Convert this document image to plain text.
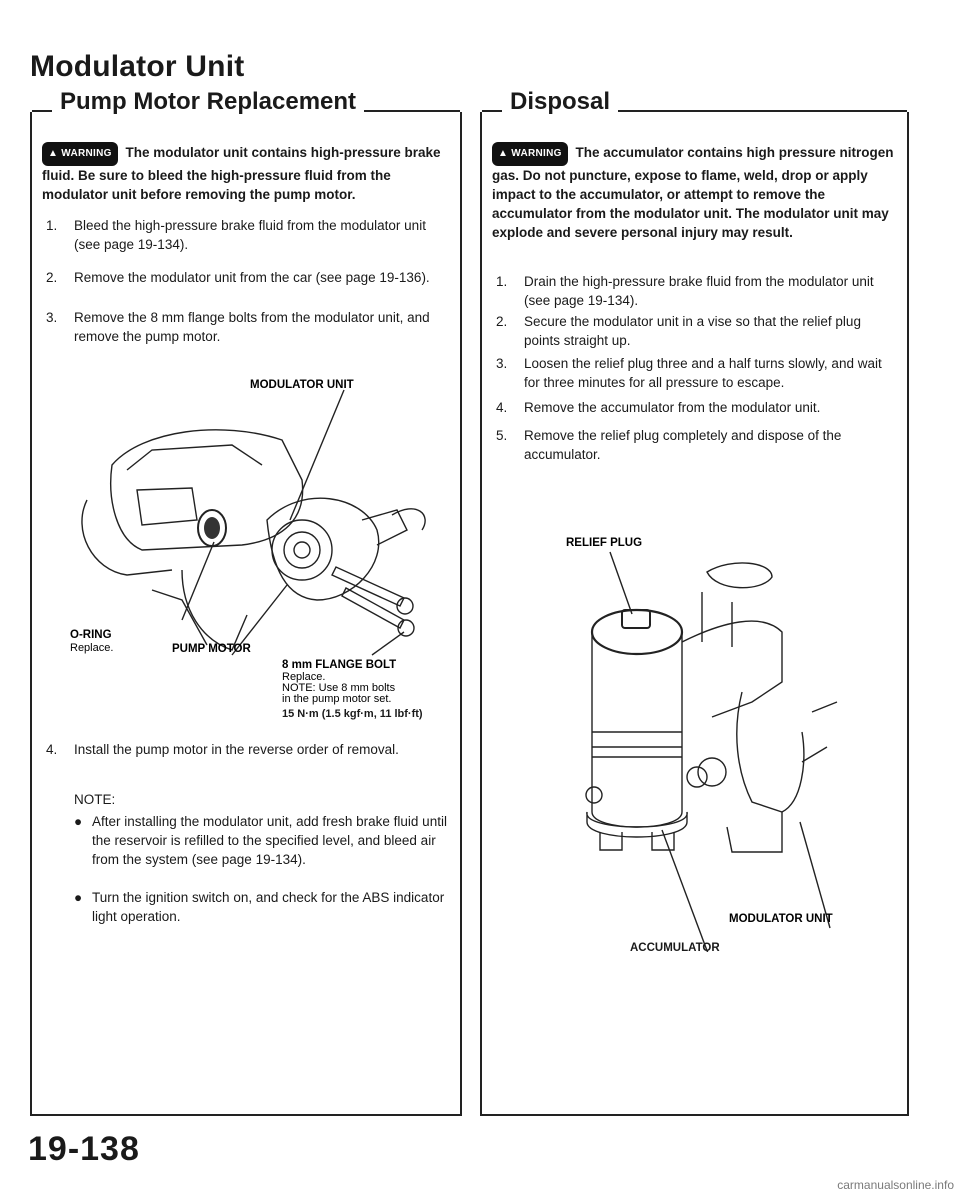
Modulator Unit
Pump Motor Replacement
▲ WARNING The modulator unit contains high-pressure brake fluid. Be sure to bleed the high-pressure fluid from the modulator unit before removing the pump motor.
1. Bleed the high-pressure brake fluid from the modulator unit (see page 19-134).
2. Remove the modulator unit from the car (see page 19-136).
3. Remove the 8 mm flange bolts from the modulator unit, and remove the pump motor.
MODULATOR UNIT
O-RING
Replace.	PUMP MOTOR
8 mm FLANGE BOLT
Replace.
NOTE: Use 8 mm bolts
in the pump motor set.
15 N·m (1.5 kgf·m, 11 lbf·ft)
4. Install the pump motor in the reverse order of removal.
NOTE:
● After installing the modulator unit, add fresh brake fluid until the reservoir is refilled to the specified level, and bleed air from the system (see page 19-134).
● Turn the ignition switch on, and check for the ABS indicator light operation.
Disposal
▲ WARNING The accumulator contains high pressure nitrogen gas. Do not puncture, expose to flame, weld, drop or apply impact to the accumulator, or attempt to remove the accumulator from the modulator unit. The modulator unit may explode and severe personal injury may result.
1. Drain the high-pressure brake fluid from the modulator unit (see page 19-134).
2. Secure the modulator unit in a vise so that the relief plug points straight up.
3. Loosen the relief plug three and a half turns slowly, and wait for three minutes for all pressure to escape.
4. Remove the accumulator from the modulator unit.
5. Remove the relief plug completely and dispose of the accumulator.
RELIEF PLUG
MODULATOR UNIT
ACCUMULATOR
19-138
carmanualsonline.info
